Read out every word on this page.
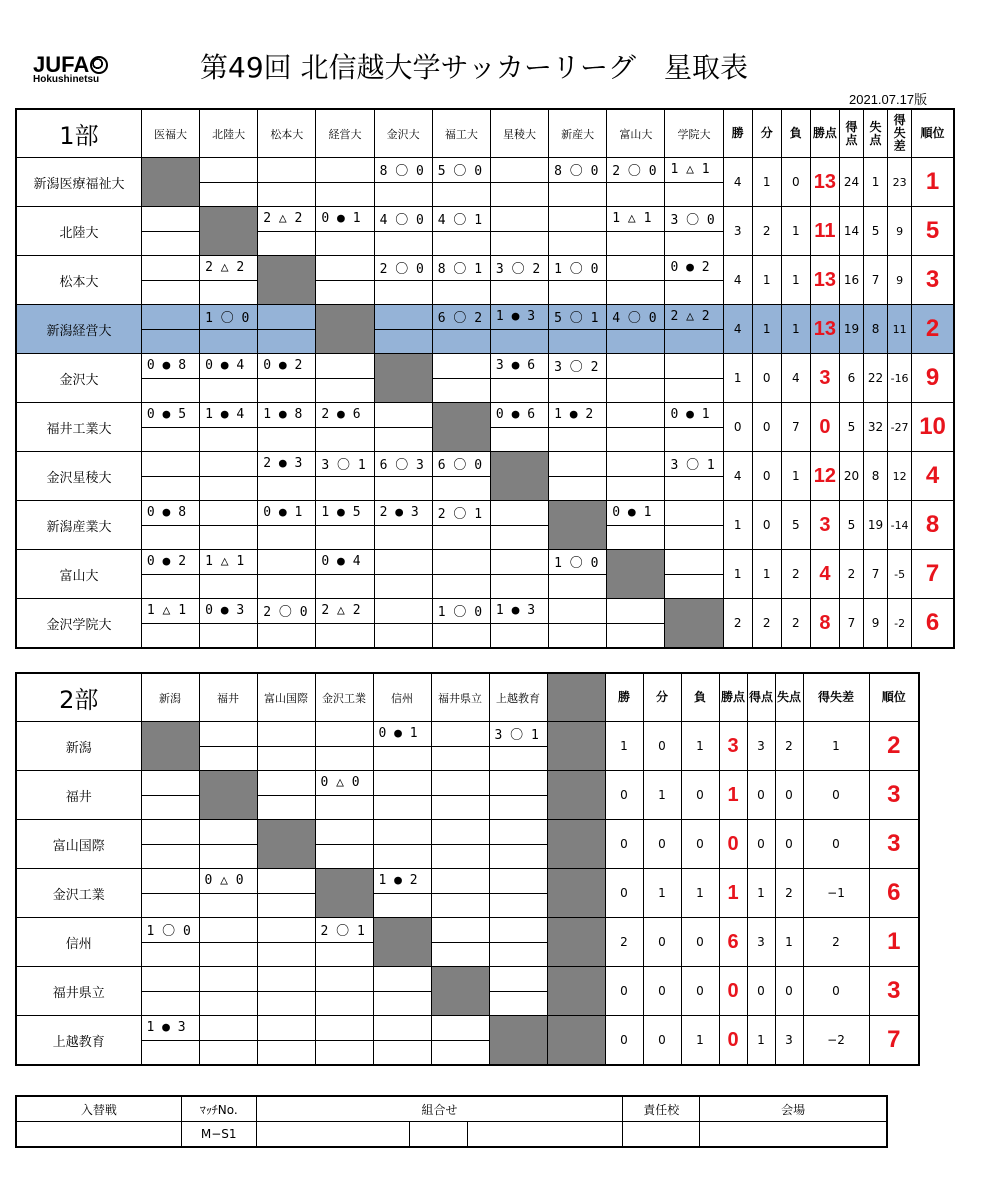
JUFA
Hokushinetsu	第49回 北信越大学サッカーリーグ　星取表
2021.07.17版
1部	医福大	北陸大	松本大	経営大	金沢大	福工大	星稜大	新産大	富山大	学院大	勝	分	負	勝点	得点	失点	得失差	順位
新潟医療福祉大					8 〇 0	5 〇 0		8 〇 0	2 〇 0	1 △ 1	4	1	0	13	24	1	23	1
北陸大			2 △ 2	0 ● 1	4 〇 0	4 〇 1			1 △ 1	3 〇 0	3	2	1	11	14	5	9	5
松本大		2 △ 2			2 〇 0	8 〇 1	3 〇 2	1 〇 0		0 ● 2	4	1	1	13	16	7	9	3
新潟経営大		1 〇 0				6 〇 2	1 ● 3	5 〇 1	4 〇 0	2 △ 2	4	1	1	13	19	8	11	2
金沢大	0 ● 8	0 ● 4	0 ● 2				3 ● 6	3 〇 2			1	0	4	3	6	22	-16	9
福井工業大	0 ● 5	1 ● 4	1 ● 8	2 ● 6			0 ● 6	1 ● 2		0 ● 1	0	0	7	0	5	32	-27	10
金沢星稜大			2 ● 3	3 〇 1	6 〇 3	6 〇 0				3 〇 1	4	0	1	12	20	8	12	4
新潟産業大	0 ● 8		0 ● 1	1 ● 5	2 ● 3	2 〇 1			0 ● 1		1	0	5	3	5	19	-14	8
富山大	0 ● 2	1 △ 1		0 ● 4				1 〇 0			1	1	2	4	2	7	-5	7
金沢学院大	1 △ 1	0 ● 3	2 〇 0	2 △ 2		1 〇 0	1 ● 3				2	2	2	8	7	9	-2	6
2部	新潟	福井	富山国際	金沢工業	信州	福井県立	上越教育		勝	分	負	勝点	得点	失点	得失差	順位
新潟					0 ● 1		3 〇 1		1	0	1	3	3	2	1	2
福井				0 △ 0					0	1	0	1	0	0	0	3
富山国際									0	0	0	0	0	0	0	3
金沢工業		0 △ 0			1 ● 2				0	1	1	1	1	2	−1	6
信州	1 〇 0			2 〇 1					2	0	0	6	3	1	2	1
福井県立									0	0	0	0	0	0	0	3
上越教育	1 ● 3								0	0	1	0	1	3	−2	7
入替戦	ﾏｯﾁNo.	組合せ			責任校	会場
	M−S1					
